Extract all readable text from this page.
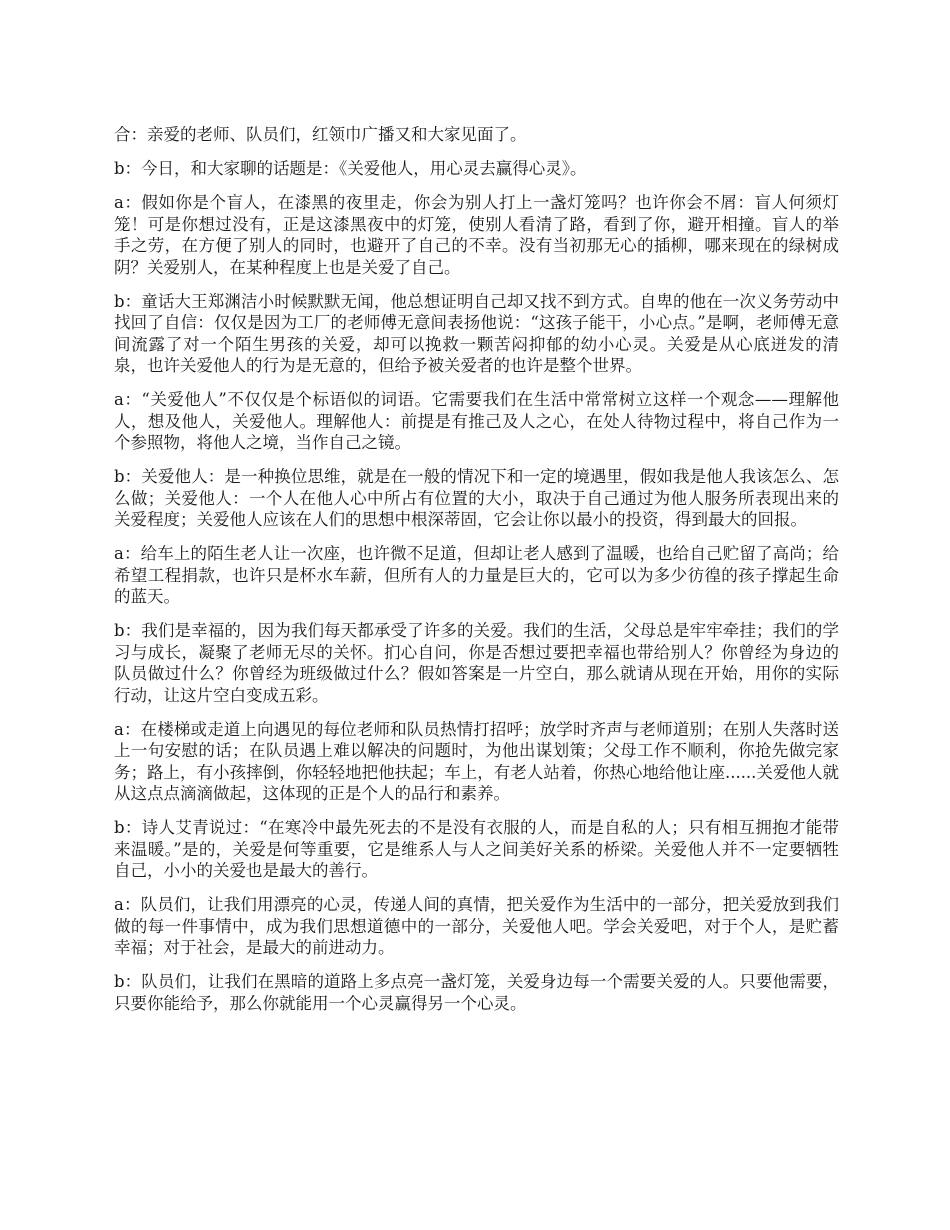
合：亲爱的老师、队员们，红领巾广播又和大家见面了。

b：今日，和大家聊的话题是：《关爱他人，用心灵去赢得心灵》。

a：假如你是个盲人，在漆黑的夜里走，你会为别人打上一盏灯笼吗？也许你会不屑：盲人何须灯笼！可是你想过没有，正是这漆黑夜中的灯笼，使别人看清了路，看到了你，避开相撞。盲人的举手之劳，在方便了别人的同时，也避开了自己的不幸。没有当初那无心的插柳，哪来现在的绿树成阴？关爱别人，在某种程度上也是关爱了自己。

b：童话大王郑渊洁小时候默默无闻，他总想证明自己却又找不到方式。自卑的他在一次义务劳动中找回了自信：仅仅是因为工厂的老师傅无意间表扬他说：“这孩子能干，小心点。”是啊，老师傅无意间流露了对一个陌生男孩的关爱，却可以挽救一颗苦闷抑郁的幼小心灵。关爱是从心底迸发的清泉，也许关爱他人的行为是无意的，但给予被关爱者的也许是整个世界。

a：“关爱他人”不仅仅是个标语似的词语。它需要我们在生活中常常树立这样一个观念——理解他人，想及他人，关爱他人。理解他人：前提是有推己及人之心，在处人待物过程中，将自己作为一个参照物，将他人之境，当作自己之镜。

b：关爱他人：是一种换位思维，就是在一般的情况下和一定的境遇里，假如我是他人我该怎么、怎么做；关爱他人：一个人在他人心中所占有位置的大小，取决于自己通过为他人服务所表现出来的关爱程度；关爱他人应该在人们的思想中根深蒂固，它会让你以最小的投资，得到最大的回报。

a：给车上的陌生老人让一次座，也许微不足道，但却让老人感到了温暖，也给自己贮留了高尚；给希望工程捐款，也许只是杯水车薪，但所有人的力量是巨大的，它可以为多少彷徨的孩子撑起生命的蓝天。

b：我们是幸福的，因为我们每天都承受了许多的关爱。我们的生活，父母总是牢牢牵挂；我们的学习与成长，凝聚了老师无尽的关怀。扪心自问，你是否想过要把幸福也带给别人？你曾经为身边的队员做过什么？你曾经为班级做过什么？假如答案是一片空白，那么就请从现在开始，用你的实际行动，让这片空白变成五彩。

a：在楼梯或走道上向遇见的每位老师和队员热情打招呼；放学时齐声与老师道别；在别人失落时送上一句安慰的话；在队员遇上难以解决的问题时，为他出谋划策；父母工作不顺利，你抢先做完家务；路上，有小孩摔倒，你轻轻地把他扶起；车上，有老人站着，你热心地给他让座......关爱他人就从这点点滴滴做起，这体现的正是个人的品行和素养。

b：诗人艾青说过：“在寒冷中最先死去的不是没有衣服的人，而是自私的人；只有相互拥抱才能带来温暖。”是的，关爱是何等重要，它是维系人与人之间美好关系的桥梁。关爱他人并不一定要牺牲自己，小小的关爱也是最大的善行。

a：队员们，让我们用漂亮的心灵，传递人间的真情，把关爱作为生活中的一部分，把关爱放到我们做的每一件事情中，成为我们思想道德中的一部分，关爱他人吧。学会关爱吧，对于个人，是贮蓄幸福；对于社会，是最大的前进动力。

b：队员们，让我们在黑暗的道路上多点亮一盏灯笼，关爱身边每一个需要关爱的人。只要他需要，只要你能给予，那么你就能用一个心灵赢得另一个心灵。
